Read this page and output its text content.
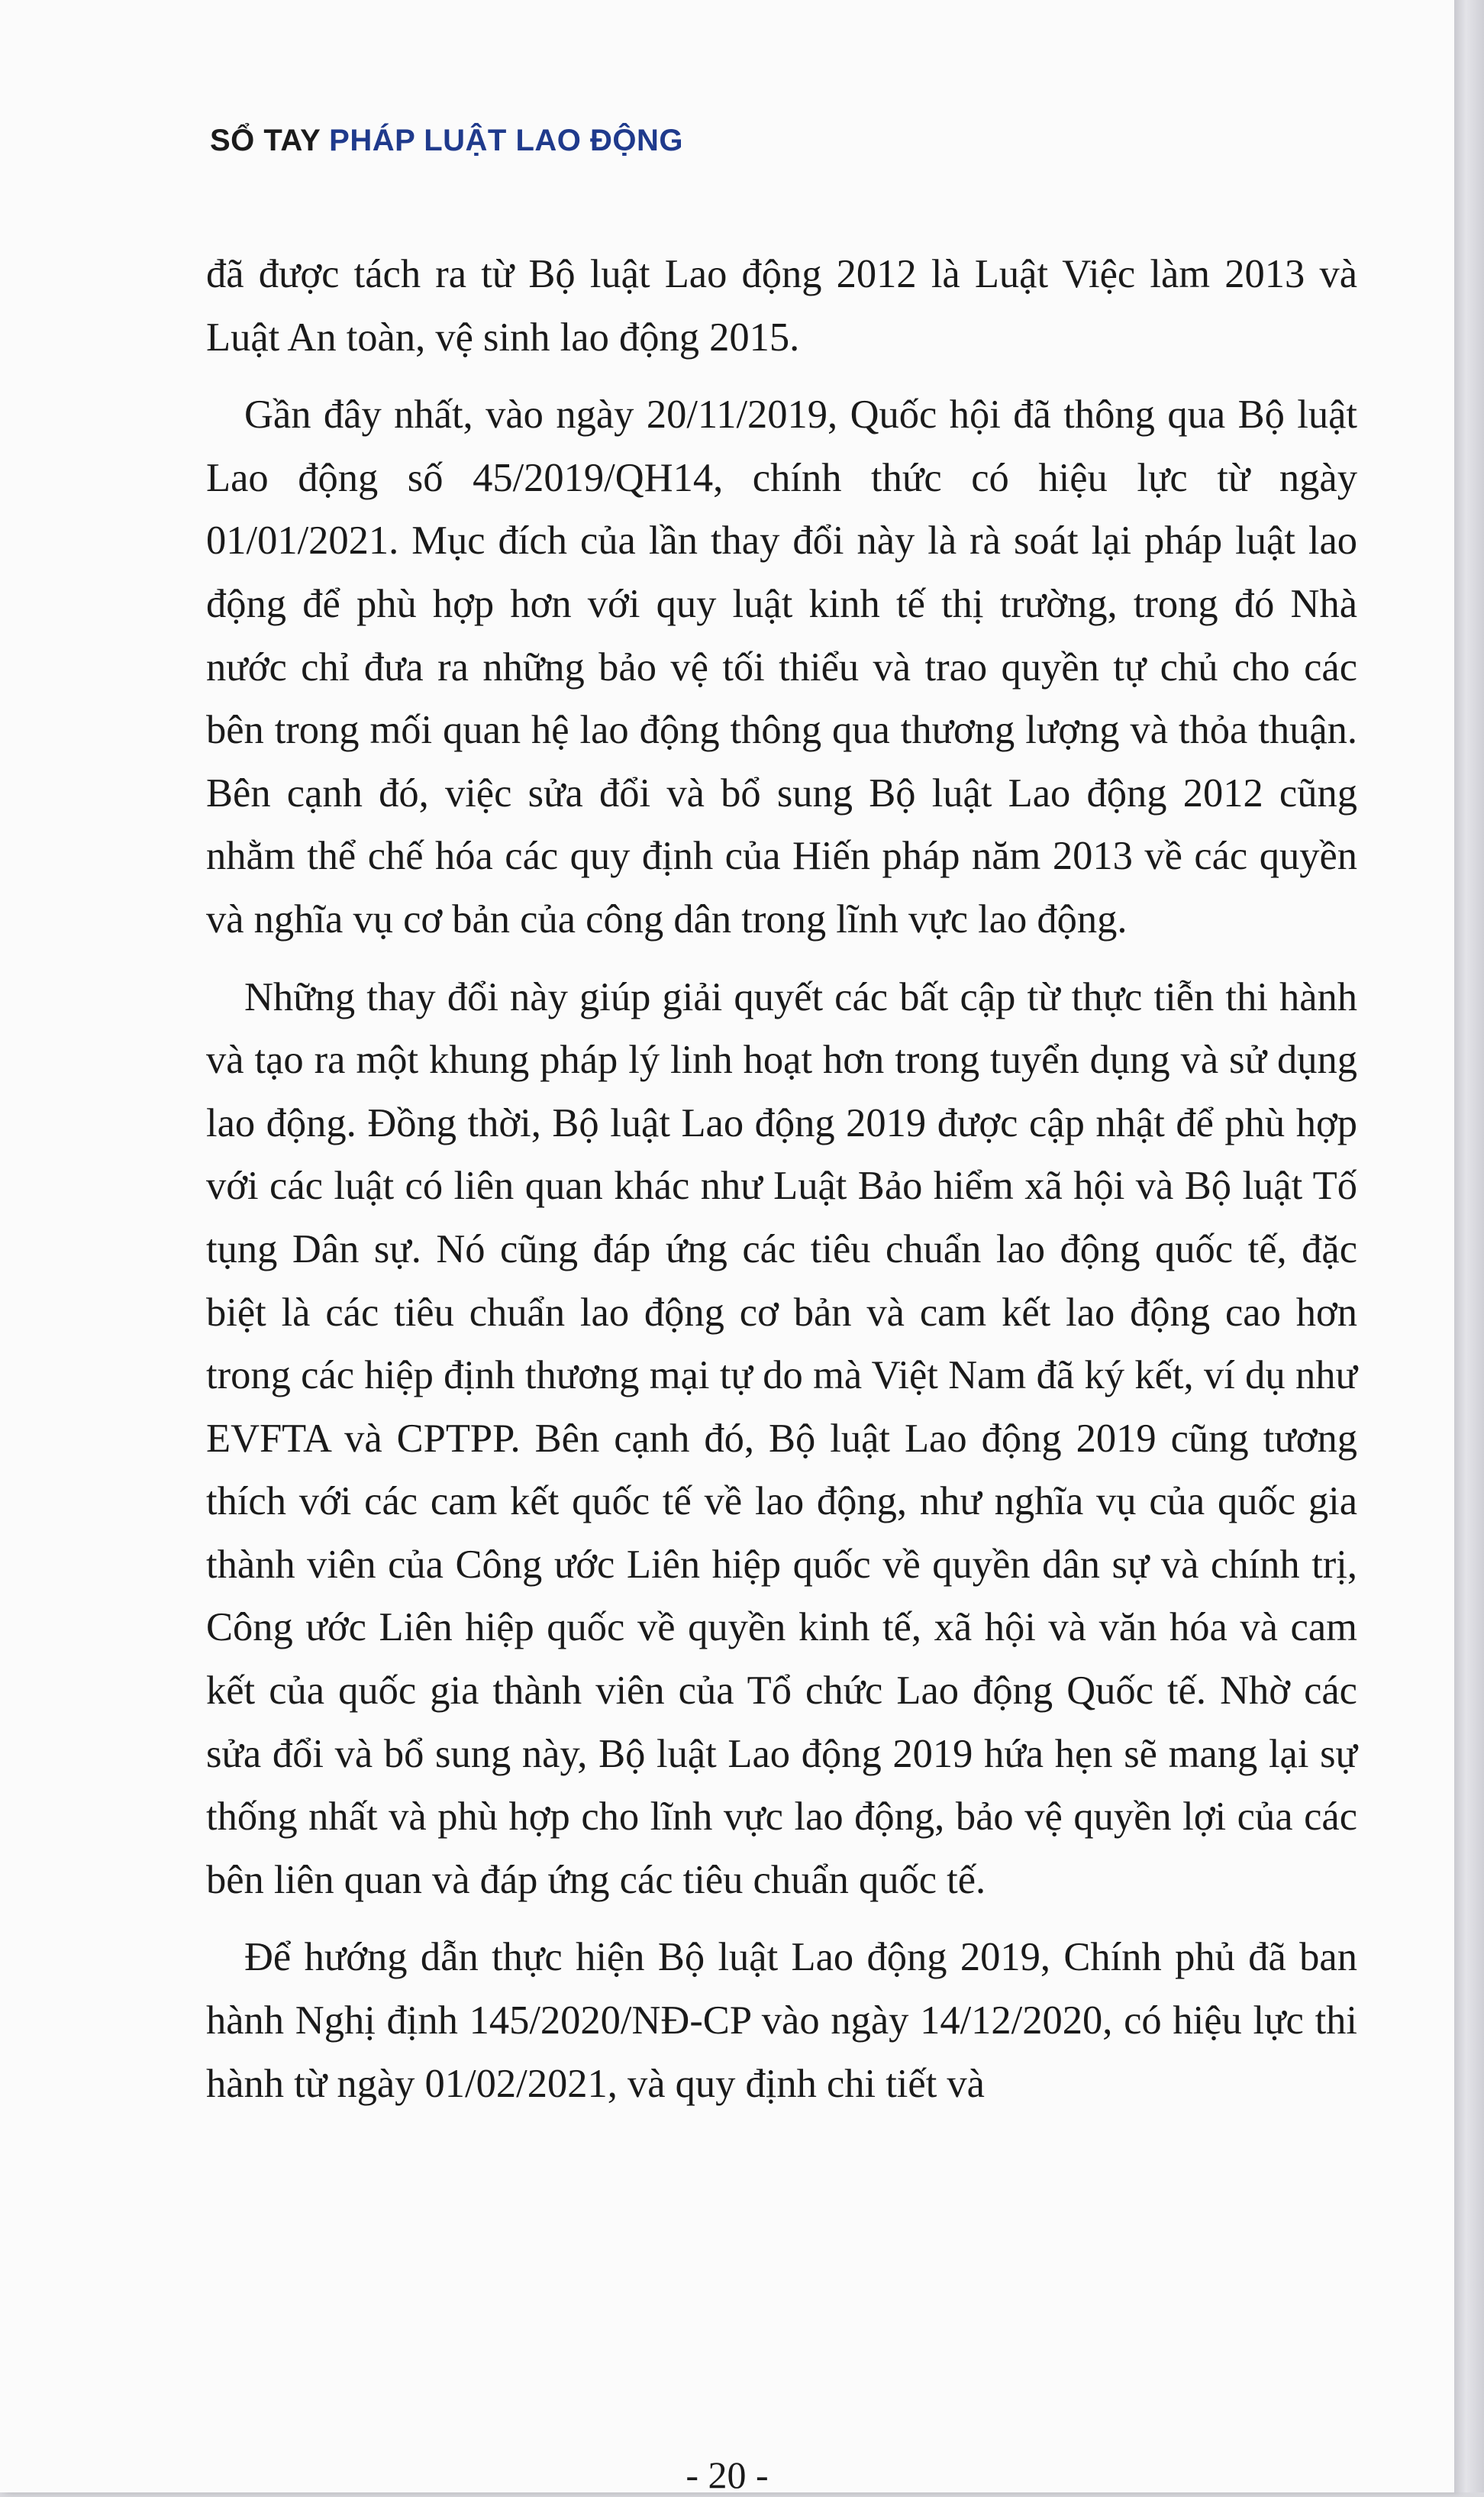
SỔ TAY PHÁP LUẬT LAO ĐỘNG

đã được tách ra từ Bộ luật Lao động 2012 là Luật Việc làm 2013 và Luật An toàn, vệ sinh lao động 2015.

Gần đây nhất, vào ngày 20/11/2019, Quốc hội đã thông qua Bộ luật Lao động số 45/2019/QH14, chính thức có hiệu lực từ ngày 01/01/2021. Mục đích của lần thay đổi này là rà soát lại pháp luật lao động để phù hợp hơn với quy luật kinh tế thị trường, trong đó Nhà nước chỉ đưa ra những bảo vệ tối thiểu và trao quyền tự chủ cho các bên trong mối quan hệ lao động thông qua thương lượng và thỏa thuận. Bên cạnh đó, việc sửa đổi và bổ sung Bộ luật Lao động 2012 cũng nhằm thể chế hóa các quy định của Hiến pháp năm 2013 về các quyền và nghĩa vụ cơ bản của công dân trong lĩnh vực lao động.

Những thay đổi này giúp giải quyết các bất cập từ thực tiễn thi hành và tạo ra một khung pháp lý linh hoạt hơn trong tuyển dụng và sử dụng lao động. Đồng thời, Bộ luật Lao động 2019 được cập nhật để phù hợp với các luật có liên quan khác như Luật Bảo hiểm xã hội và Bộ luật Tố tụng Dân sự. Nó cũng đáp ứng các tiêu chuẩn lao động quốc tế, đặc biệt là các tiêu chuẩn lao động cơ bản và cam kết lao động cao hơn trong các hiệp định thương mại tự do mà Việt Nam đã ký kết, ví dụ như EVFTA và CPTPP. Bên cạnh đó, Bộ luật Lao động 2019 cũng tương thích với các cam kết quốc tế về lao động, như nghĩa vụ của quốc gia thành viên của Công ước Liên hiệp quốc về quyền dân sự và chính trị, Công ước Liên hiệp quốc về quyền kinh tế, xã hội và văn hóa và cam kết của quốc gia thành viên của Tổ chức Lao động Quốc tế. Nhờ các sửa đổi và bổ sung này, Bộ luật Lao động 2019 hứa hẹn sẽ mang lại sự thống nhất và phù hợp cho lĩnh vực lao động, bảo vệ quyền lợi của các bên liên quan và đáp ứng các tiêu chuẩn quốc tế.

Để hướng dẫn thực hiện Bộ luật Lao động 2019, Chính phủ đã ban hành Nghị định 145/2020/NĐ-CP vào ngày 14/12/2020, có hiệu lực thi hành từ ngày 01/02/2021, và quy định chi tiết và

- 20 -
